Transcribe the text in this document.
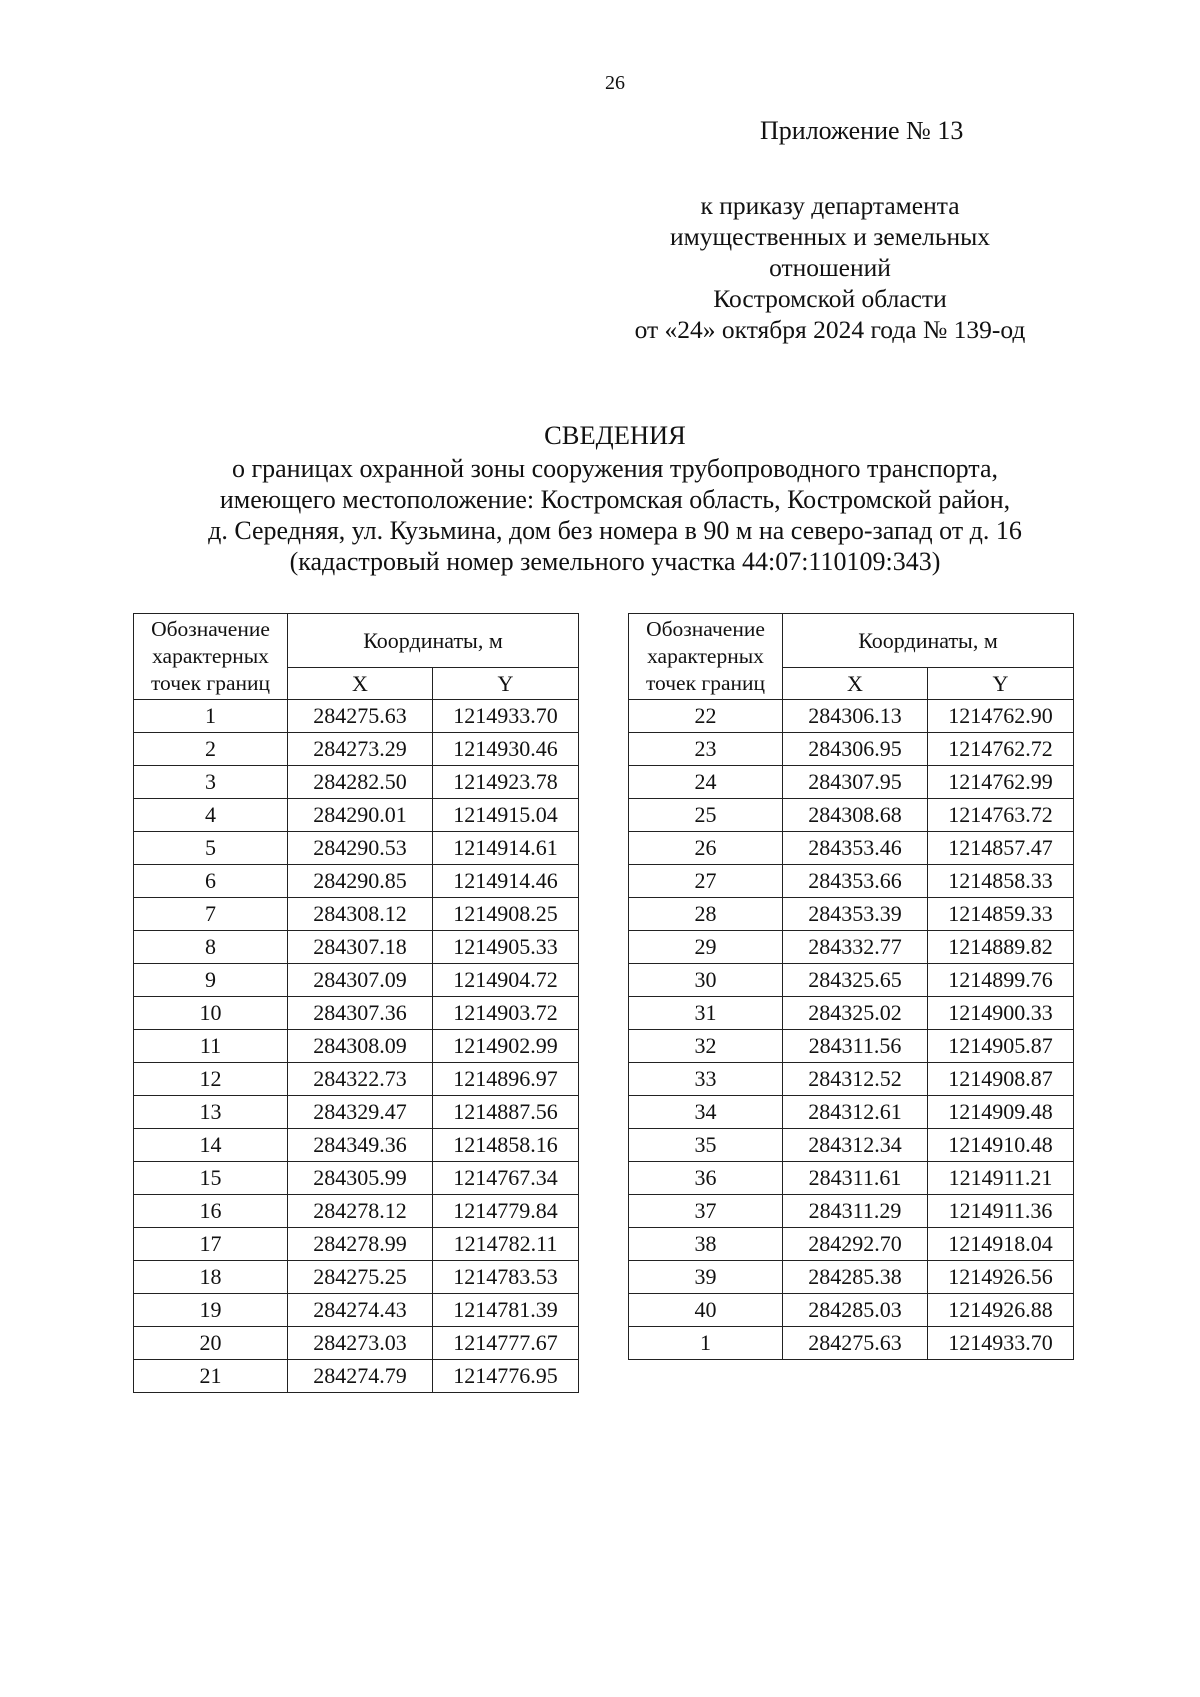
26
Приложение № 13
к приказу департамента
имущественных и земельных
отношений
Костромской области
от «24» октября 2024 года № 139-од
СВЕДЕНИЯ
о границах охранной зоны сооружения трубопроводного транспорта,
имеющего местоположение: Костромская область, Костромской район,
д. Середняя, ул. Кузьмина, дом без номера в 90 м на северо-запад от д. 16
(кадастровый номер земельного участка 44:07:110109:343)
Обозначение характерных точек границ	Координаты, м	
	X	Y
1	284275.63	1214933.70
2	284273.29	1214930.46
3	284282.50	1214923.78
4	284290.01	1214915.04
5	284290.53	1214914.61
6	284290.85	1214914.46
7	284308.12	1214908.25
8	284307.18	1214905.33
9	284307.09	1214904.72
10	284307.36	1214903.72
11	284308.09	1214902.99
12	284322.73	1214896.97
13	284329.47	1214887.56
14	284349.36	1214858.16
15	284305.99	1214767.34
16	284278.12	1214779.84
17	284278.99	1214782.11
18	284275.25	1214783.53
19	284274.43	1214781.39
20	284273.03	1214777.67
21	284274.79	1214776.95
Обозначение характерных точек границ	Координаты, м	
	X	Y
22	284306.13	1214762.90
23	284306.95	1214762.72
24	284307.95	1214762.99
25	284308.68	1214763.72
26	284353.46	1214857.47
27	284353.66	1214858.33
28	284353.39	1214859.33
29	284332.77	1214889.82
30	284325.65	1214899.76
31	284325.02	1214900.33
32	284311.56	1214905.87
33	284312.52	1214908.87
34	284312.61	1214909.48
35	284312.34	1214910.48
36	284311.61	1214911.21
37	284311.29	1214911.36
38	284292.70	1214918.04
39	284285.38	1214926.56
40	284285.03	1214926.88
1	284275.63	1214933.70
